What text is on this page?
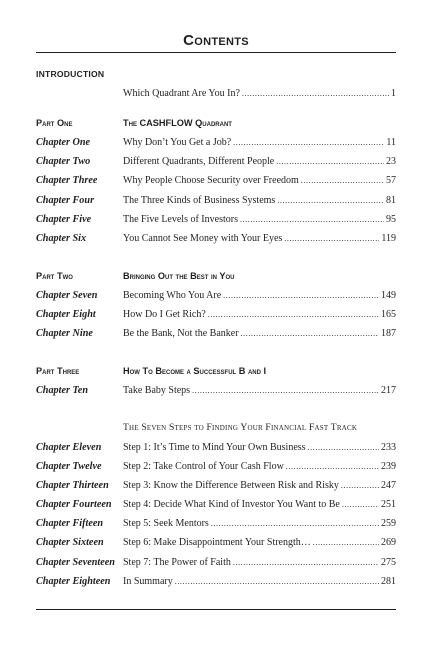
Contents
INTRODUCTION
Which Quadrant Are You In? .....	1
Part One	The CASHFLOW Quadrant
Chapter One	Why Don’t You Get a Job? .....	11
Chapter Two	Different Quadrants, Different People .....	23
Chapter Three	Why People Choose Security over Freedom .....	57
Chapter Four	The Three Kinds of Business Systems .....	81
Chapter Five	The Five Levels of Investors .....	95
Chapter Six	You Cannot See Money with Your Eyes .....	119
Part Two	Bringing Out the Best in You
Chapter Seven	Becoming Who You Are .....	149
Chapter Eight	How Do I Get Rich? .....	165
Chapter Nine	Be the Bank, Not the Banker .....	187
Part Three	How To Become a Successful B and I
Chapter Ten	Take Baby Steps .....	217
The Seven Steps to Finding Your Financial Fast Track
Chapter Eleven Step 1: It’s Time to Mind Your Own Business .....	233
Chapter Twelve Step 2: Take Control of Your Cash Flow .....	239
Chapter Thirteen Step 3: Know the Difference Between Risk and Risky .....	247
Chapter Fourteen Step 4: Decide What Kind of Investor You Want to Be .....	251
Chapter Fifteen Step 5: Seek Mentors .....	259
Chapter Sixteen Step 6: Make Disappointment Your Strength… .....	269
Chapter Seventeen Step 7: The Power of Faith .....	275
Chapter Eighteen In Summary .....	281
